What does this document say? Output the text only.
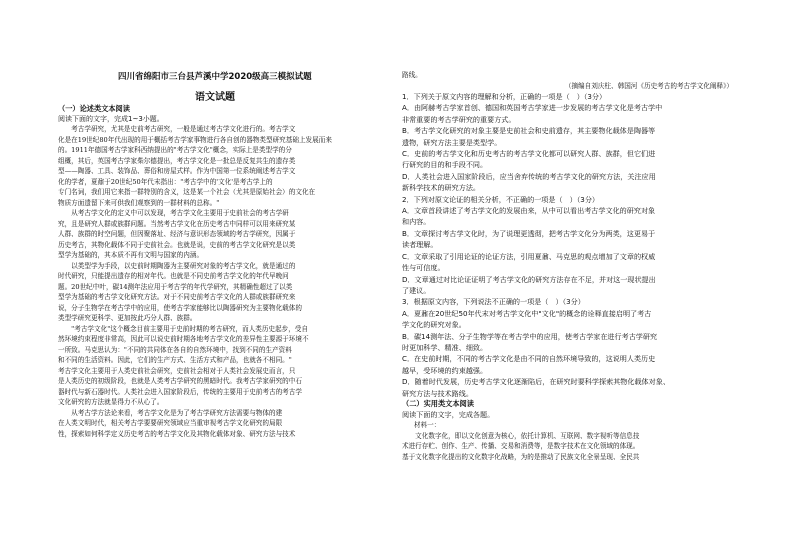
四川省绵阳市三台县芦溪中学2020级高三模拟试题
语文试题

（一）论述类文本阅读

阅读下面的文字，完成1~3小题。

　　考古学研究，尤其是史前考古研究，一般是通过考古学文化进行的。考古学文

化是在19世纪80年代出现的用于概括考古学家事物进行各自创的器物类型研究基础上发展而来

的。1911年德国考古学家科西纳提出的"考古学文化"概念，实际上是类型学的分

组概，其后，英国考古学家柴尔德提出，考古学文化是一批总是反复共生的遗存类

型——陶器、工具、装饰品、葬俗和房屋式样。作为中国第一位系统阐述考古学文

化的学者，夏鼐于20世纪50年代末指出："考古学中的'文化'是考古学上的

专门名词，我们用它来指一群特别的含义，这是某一个社会（尤其是原始社会）的文化在

物质方面遗留下来可供我们观察到的一群材料的总称。"

　　从考古学文化的定义中可以发现，考古学文化主要用于史前社会的考古学研

究，且是研究人群或族群问题。当然考古学文化在历史考古中同样可以用来研究某

人群、族群的时空问题，但因聚落址、经济与意识形态领域的考古学研究，因属于

历史考古，其物化载体不同于史前社会。也就是说，史前的考古学文化研究是以类

型学为基础的，其本质不再有文明与国家的内涵。

　　以类型学为手段，以史前时期陶器为主要研究对象的考古学文化，就是通过的

时代研究，只能提出遗存的相对年代。也就是不同史前考古学文化的年代早晚问

题。20世纪中叶，碳14测年法应用于考古学的年代学研究，其精确性超过了以类

型学为基础的考古学文化研究方法。对于不同史前考古学文化的人群或族群研究来

说，分子生物学在考古学中的应用，使考古学家能够比以陶器研究为主要物化载体的

类型学研究更科学、更加按此巧分人群、族群。

　　"考古学文化"这个概念目前主要用于史前时期的考古研究，而人类历史起步，受自

然环境约束程度非常高，因此可以说史前时期各地考古学文化的差异性主要源于环境不

一所致。马克思认为："不同的共同体在各自的自然环境中，找到不同的生产资料

和不同的生活资料。因此，它们的生产方式、生活方式和产品，也就各不相同。"

考古学文化主要用于人类史前社会研究，史前社会相对于人类社会发展史而言，只

是人类历史的初级阶段，也就是人类考古学研究的黑暗时代。我考古学家研究的中石

器时代与新石器时代。人类社会进入国家阶段后，传统的主要用于史前考古的考古学

文化研究的方法就显得力不从心了。

　　从考古学方法论来看，考古学文化是为了考古学研究方法需要与物体的建

在人类文明时代，相关考古学要要研究领域应当重审视考古学文化研究的局限

性，探索如何科学定义历史考古的考古学文化及其物化载体对象、研究方法与技术

路线。

（摘编自刘庆柱、韩国河《历史考古的考古学文化阐释》）

1．下列关于原文内容的理解和分析，正确的一项是（　）（3分）

A．由阿赫考古学家首创、德国和英国考古学家进一步发展的考古学文化是考古学中

非常重要的考古学研究的重要方式。

B．考古学文化研究的对象主要是史前社会和史前遗存，其主要物化载体是陶器等

遗物，研究方法主要是类型学。

C．史前的考古学文化和历史考古的考古学文化都可以研究人群、族群，但它们进

行研究的目的和手段不同。

D．人类社会进入国家阶段后，应当舍弃传统的考古学文化的研究方法，关注应用

新科学技术的研究方法。

2．下列对原文论证的相关分析，不正确的一项是（　）（3分）

A．文章首段讲述了考古学文化的发展由来，从中可以看出考古学文化的研究对象

和内容。

B．文章探讨考古学文化时，为了说理更透彻，把考古学文化分为两类，这更易于

读者理解。

C．文章采取了引用论证的论证方法，引用夏鼐、马克思的观点增加了文章的权威

性与可信度。

D．文章通过对比论证证明了考古学文化的研究方法存在不足，并对这一现状提出

了建议。

3．根据原文内容，下列说法不正确的一项是（　）（3分）

A．夏鼐在20世纪50年代末对考古学文化中"文化"的概念的诠释直接启明了考古

学文化的研究对象。

B．碳14测年法、分子生物学等在考古学中的应用，使考古学家在进行考古学研究

时更加科学、精准、细致。

C．在史前时期，不同的考古学文化是由不同的自然环境导致的，这说明人类历史

越早，受环境的约束越强。

D．随着时代发展，历史考古学文化逐渐陷后，在研究时要科学探索其物化载体对象、

研究方法与技术路线。

（二）实用类文本阅读

阅读下面的文字，完成各题。

材料一：

　　文化数字化，即以文化创意为核心，依托计算机、互联网、数字视听等信息技

术进行存贮、创作、生产、传播、交易和消费等，是数字技术在文化领域的体现。

基于文化数字化提出的文化数字化战略，为的是推动了民族文化全景呈现、全民共
